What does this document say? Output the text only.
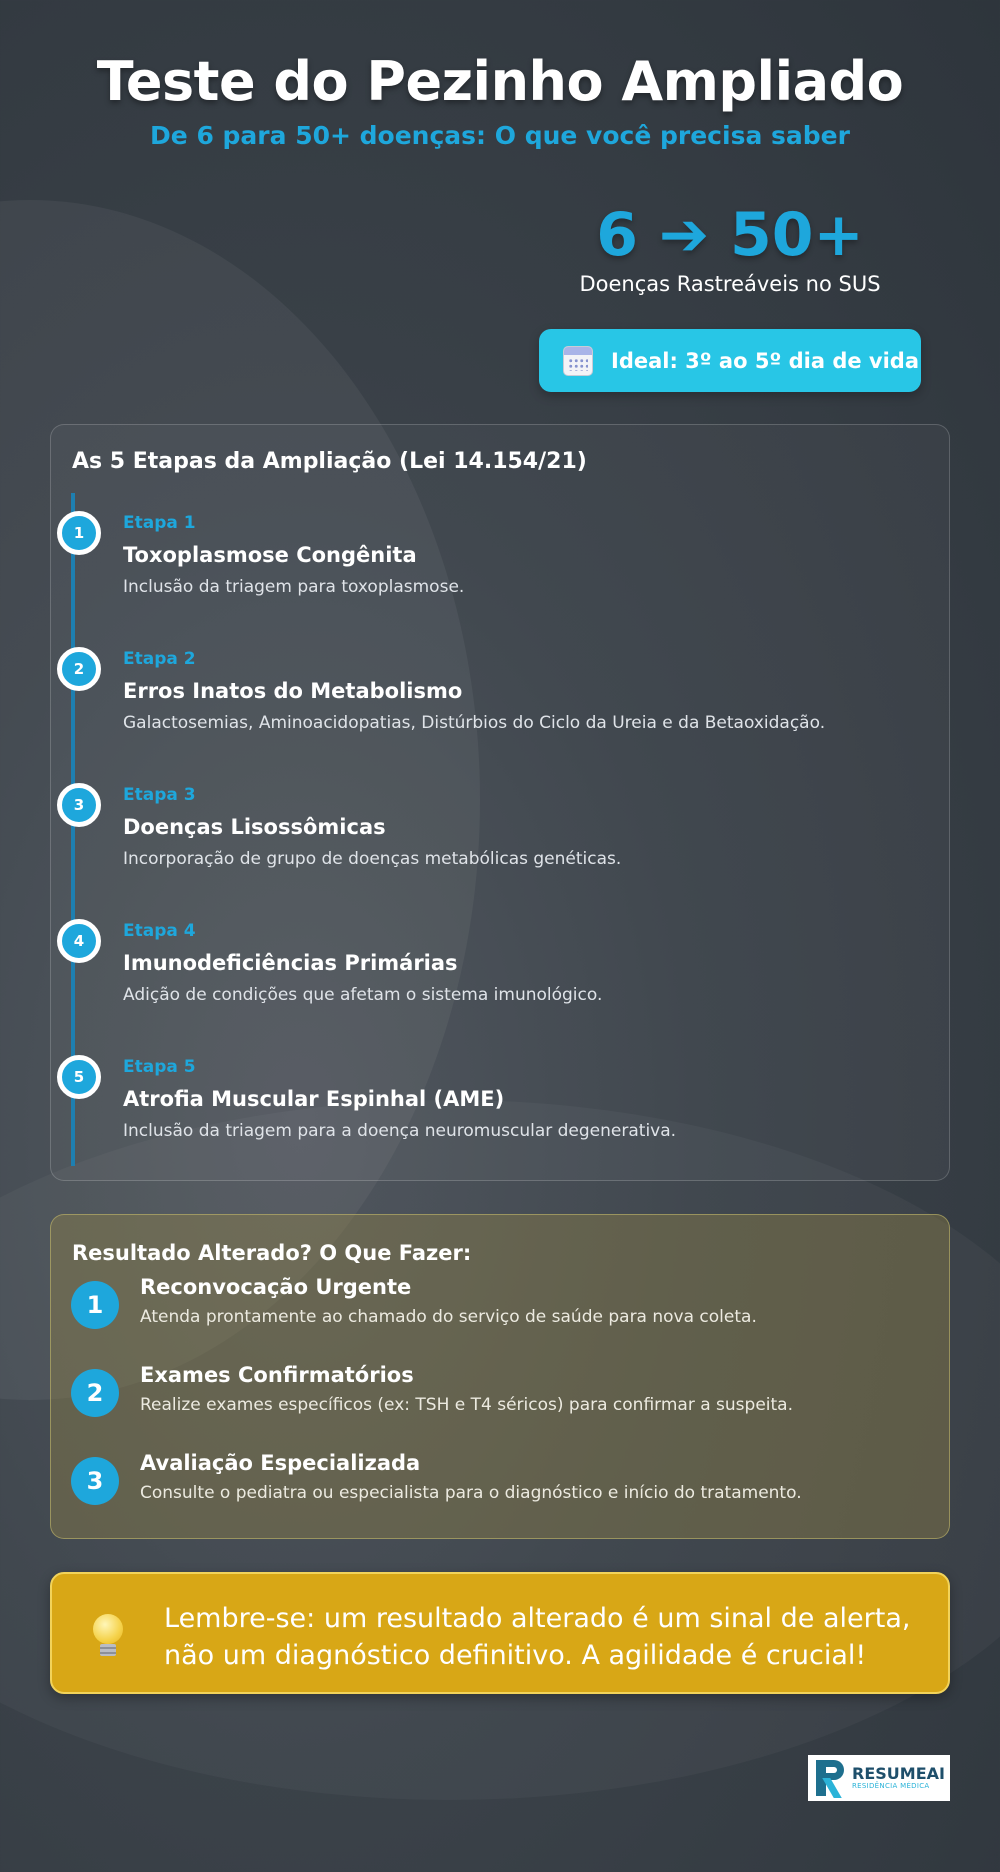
Teste do Pezinho Ampliado
De 6 para 50+ doenças: O que você precisa saber
6 ➔ 50+
Doenças Rastreáveis no SUS
Ideal: 3º ao 5º dia de vida
As 5 Etapas da Ampliação (Lei 14.154/21)
1	Etapa 1
Toxoplasmose Congênita
Inclusão da triagem para toxoplasmose.
2	Etapa 2
Erros Inatos do Metabolismo
Galactosemias, Aminoacidopatias, Distúrbios do Ciclo da Ureia e da Betaoxidação.
3	Etapa 3
Doenças Lisossômicas
Incorporação de grupo de doenças metabólicas genéticas.
4	Etapa 4
Imunodeficiências Primárias
Adição de condições que afetam o sistema imunológico.
5	Etapa 5
Atrofia Muscular Espinhal (AME)
Inclusão da triagem para a doença neuromuscular degenerativa.
Resultado Alterado? O Que Fazer:
1
Reconvocação Urgente
Atenda prontamente ao chamado do serviço de saúde para nova coleta.
2
Exames Confirmatórios
Realize exames específicos (ex: TSH e T4 séricos) para confirmar a suspeita.
3
Avaliação Especializada
Consulte o pediatra ou especialista para o diagnóstico e início do tratamento.
Lembre-se: um resultado alterado é um sinal de alerta,
não um diagnóstico definitivo. A agilidade é crucial!
RESUMEAI
RESIDÊNCIA MÉDICA
